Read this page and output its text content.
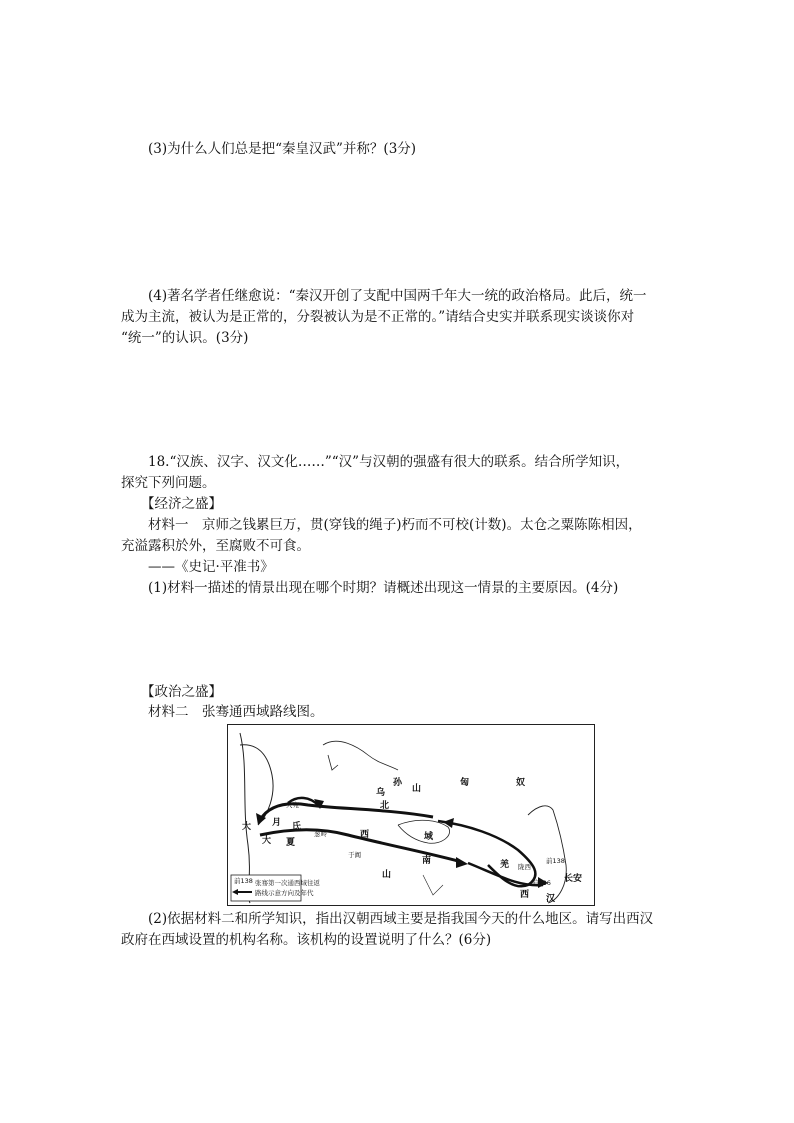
(3)为什么人们总是把“秦皇汉武”并称？(3分)
(4)著名学者任继愈说：“秦汉开创了支配中国两千年大一统的政治格局。此后，统一
成为主流，被认为是正常的，分裂被认为是不正常的。”请结合史实并联系现实谈谈你对
“统一”的认识。(3分)
18.“汉族、汉字、汉文化……”“汉”与汉朝的强盛有很大的联系。结合所学知识，
探究下列问题。
【经济之盛】
材料一　京师之钱累巨万，贯(穿钱的绳子)朽而不可校(计数)。太仓之粟陈陈相因，
充溢露积於外，至腐败不可食。
——《史记·平准书》
(1)材料一描述的情景出现在哪个时期？请概述出现这一情景的主要原因。(4分)
【政治之盛】
材料二　张骞通西域路线图。
乌
孙
山
匈	奴
北
西	域
大 月 氏
大 夏
葱岭
于阗
南
山
羌 陇西
前138
前126 长安
西 汉
大宛
前138 张骞第一次通西域往返
路线示意方向及年代
(2)依据材料二和所学知识，指出汉朝西域主要是指我国今天的什么地区。请写出西汉
政府在西域设置的机构名称。该机构的设置说明了什么？(6分)
